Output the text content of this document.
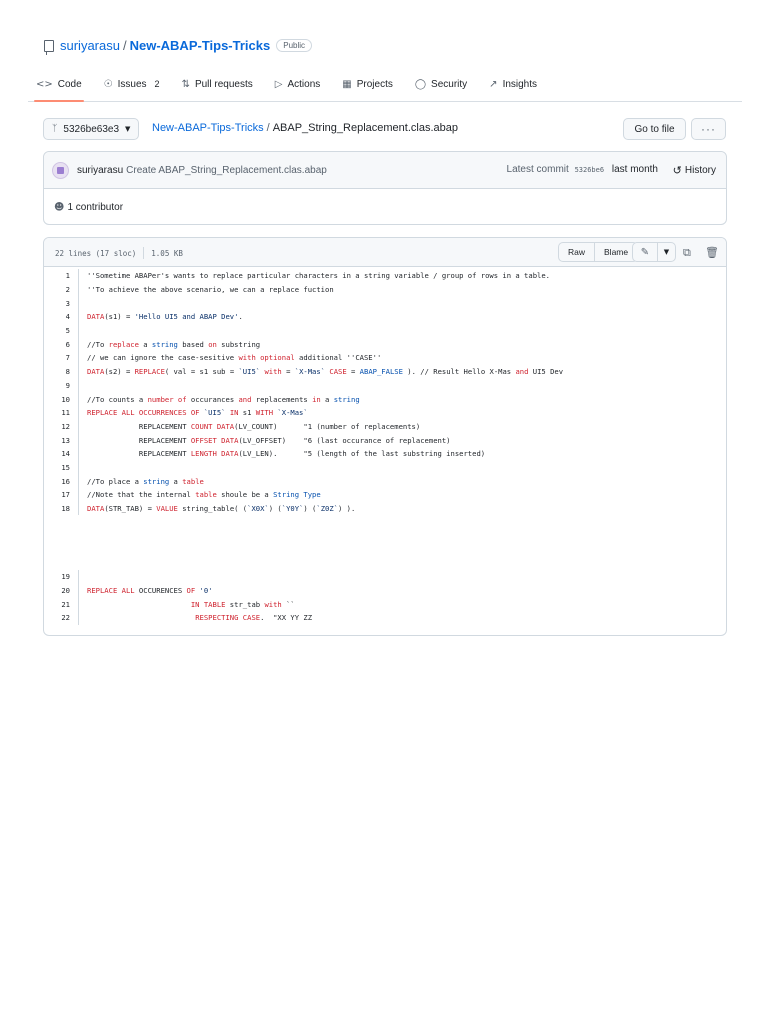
suriyarasu / New-ABAP-Tips-Tricks	Public
<> Code ☉ Issues 2 ⇅ Pull requests ▷ Actions ▦ Projects ◯ Security ↗ Insights
ᛉ 5326be63e3 ▼ New-ABAP-Tips-Tricks / ABAP_String_Replacement.clas.abap	Go to file	···
suriyarasu Create ABAP_String_Replacement.clas.abap	Latest commit 5326be6 last month ↺ History
☻ 1 contributor
22 lines (17 sloc) 1.05 KB	Raw	Blame	✎	▼	⧉ 🗑
1 ''Sometime ABAPer's wants to replace particular characters in a string variable / group of rows in a table.
2 ''To achieve the above scenario, we can a replace fuction
3
4 DATA(s1) = 'Hello UI5 and ABAP Dev'.
5
6 //To replace a string based on substring
7 // we can ignore the case-sesitive with optional additional ''CASE''
8 DATA(s2) = REPLACE( val = s1 sub = `UI5` with = `X-Mas` CASE = ABAP_FALSE ). // Result Hello X-Mas and UI5 Dev
9
10 //To counts a number of occurances and replacements in a string
11 REPLACE ALL OCCURRENCES OF `UI5` IN s1 WITH `X-Mas`
12 REPLACEMENT COUNT DATA(LV_COUNT)      "1 (number of replacements)
13 REPLACEMENT OFFSET DATA(LV_OFFSET)    "6 (last occurance of replacement)
14 REPLACEMENT LENGTH DATA(LV_LEN).      "5 (length of the last substring inserted)
15
16 //To place a string a table
17 //Note that the internal table shoule be a String Type
18 DATA(STR_TAB) = VALUE string_table( (`X0X`) (`Y0Y`) (`Z0Z`) ).
19
20 REPLACE ALL OCCURENCES OF '0'
21	IN TABLE str_tab with ``
22	RESPECTING CASE.  "XX YY ZZ
